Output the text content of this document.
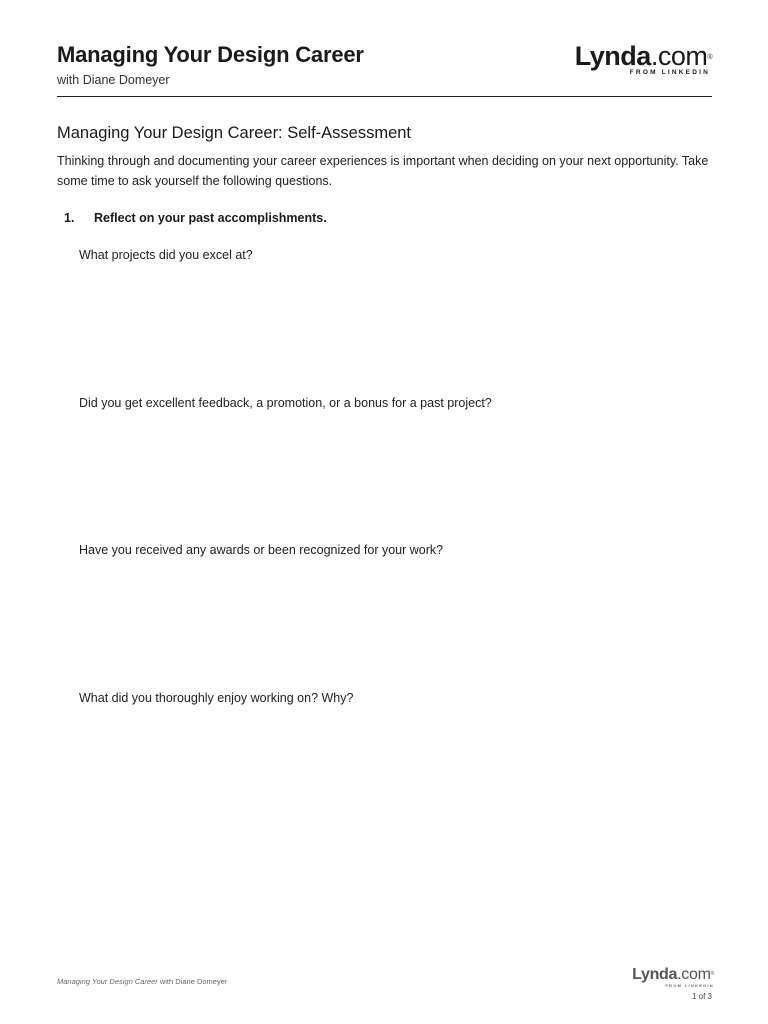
Managing Your Design Career
with Diane Domeyer
Lynda.com®
FROM LINKEDIN
Managing Your Design Career: Self-Assessment
Thinking through and documenting your career experiences is important when deciding on your next opportunity. Take some time to ask yourself the following questions.
1. Reflect on your past accomplishments.
What projects did you excel at?
Did you get excellent feedback, a promotion, or a bonus for a past project?
Have you received any awards or been recognized for your work?
What did you thoroughly enjoy working on? Why?
Managing Your Design Career with Diane Domeyer	Lynda.com®
FROM LINKEDIN
1 of 3
